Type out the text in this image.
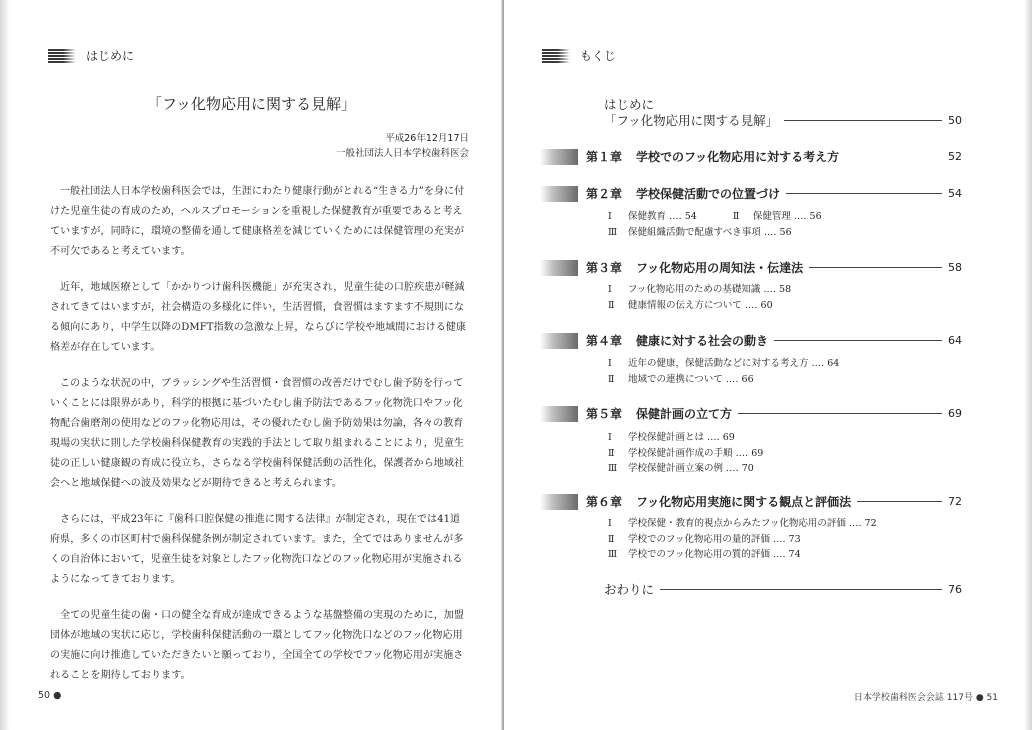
はじめに
「フッ化物応用に関する見解」
平成26年12月17日
一般社団法人日本学校歯科医会

一般社団法人日本学校歯科医会では，生涯にわたり健康行動がとれる“生きる力”を身に付けた児童生徒の育成のため，ヘルスプロモーションを重視した保健教育が重要であると考えていますが，同時に，環境の整備を通して健康格差を減じていくためには保健管理の充実が不可欠であると考えています。

近年，地域医療として「かかりつけ歯科医機能」が充実され，児童生徒の口腔疾患が軽減されてきてはいますが，社会構造の多様化に伴い，生活習慣，食習慣はますます不規則になる傾向にあり，中学生以降のDMFT指数の急激な上昇，ならびに学校や地域間における健康格差が存在しています。

このような状況の中，ブラッシングや生活習慣・食習慣の改善だけでむし歯予防を行っていくことには限界があり，科学的根拠に基づいたむし歯予防法であるフッ化物洗口やフッ化物配合歯磨剤の使用などのフッ化物応用は，その優れたむし歯予防効果は勿論，各々の教育現場の実状に則した学校歯科保健教育の実践的手法として取り組まれることにより，児童生徒の正しい健康観の育成に役立ち，さらなる学校歯科保健活動の活性化，保護者から地域社会へと地域保健への波及効果などが期待できると考えられます。

さらには，平成23年に『歯科口腔保健の推進に関する法律』が制定され，現在では41道府県，多くの市区町村で歯科保健条例が制定されています。また，全てではありませんが多くの自治体において，児童生徒を対象としたフッ化物洗口などのフッ化物応用が実施されるようになってきております。

全ての児童生徒の歯・口の健全な育成が達成できるような基盤整備の実現のために，加盟団体が地域の実状に応じ，学校歯科保健活動の一環としてフッ化物洗口などのフッ化物応用の実施に向け推進していただきたいと願っており，全国全ての学校でフッ化物応用が実施されることを期待しております。

50 ●
もくじ
はじめに
「フッ化物応用に関する見解」	50
第１章 学校でのフッ化物応用に対する考え方	52
第２章 学校保健活動での位置づけ	54
Ⅰ 保健教育 ‥‥ 54	Ⅱ 保健管理 ‥‥ 56
Ⅲ 保健組織活動で配慮すべき事項 ‥‥ 56
第３章 フッ化物応用の周知法・伝達法	58
Ⅰ フッ化物応用のための基礎知識 ‥‥ 58
Ⅱ 健康情報の伝え方について ‥‥ 60
第４章 健康に対する社会の動き	64
Ⅰ 近年の健康，保健活動などに対する考え方 ‥‥ 64
Ⅱ 地域での連携について ‥‥ 66
第５章 保健計画の立て方	69
Ⅰ 学校保健計画とは ‥‥ 69
Ⅱ 学校保健計画作成の手順 ‥‥ 69
Ⅲ 学校保健計画立案の例 ‥‥ 70
第６章 フッ化物応用実施に関する観点と評価法	72
Ⅰ 学校保健・教育的視点からみたフッ化物応用の評価 ‥‥ 72
Ⅱ 学校でのフッ化物応用の量的評価 ‥‥ 73
Ⅲ 学校でのフッ化物応用の質的評価 ‥‥ 74
おわりに	76
日本学校歯科医会会誌 117号 ● 51
